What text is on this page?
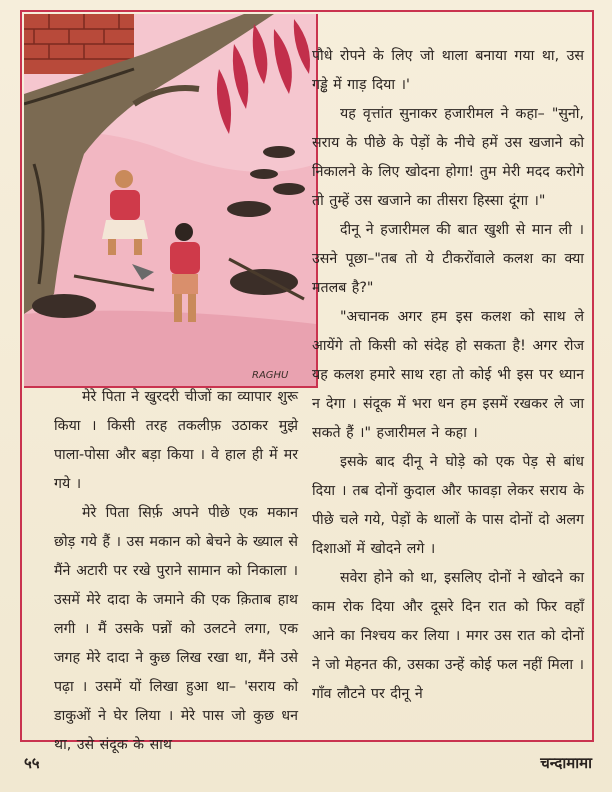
RAGHU

पौधे रोपने के लिए जो थाला बनाया गया था, उस गड्ढे में गाड़ दिया ।'

यह वृत्तांत सुनाकर हजारीमल ने कहा– "सुनो, सराय के पीछे के पेड़ों के नीचे हमें उस खजाने को निकालने के लिए खोदना होगा! तुम मेरी मदद करोगे तो तुम्हें उस खजाने का तीसरा हिस्सा दूंगा ।"

दीनू ने हजारीमल की बात खुशी से मान ली । उसने पूछा–"तब तो ये टीकरोंवाले कलश का क्या मतलब है?"

"अचानक अगर हम इस कलश को साथ ले आयेंगे तो किसी को संदेह हो सकता है! अगर रोज यह कलश हमारे साथ रहा तो कोई भी इस पर ध्यान न देगा । संदूक में भरा धन हम इसमें रखकर ले जा सकते हैं ।" हजारीमल ने कहा ।

इसके बाद दीनू ने घोड़े को एक पेड़ से बांध दिया । तब दोनों कुदाल और फावड़ा लेकर सराय के पीछे चले गये, पेड़ों के थालों के पास दोनों दो अलग दिशाओं में खोदने लगे ।

सवेरा होने को था, इसलिए दोनों ने खोदने का काम रोक दिया और दूसरे दिन रात को फिर वहाँ आने का निश्चय कर लिया । मगर उस रात को दोनों ने जो मेहनत की, उसका उन्हें कोई फल नहीं मिला । गाँव लौटने पर दीनू ने

मेरे पिता ने खुरदरी चीजों का व्यापार शुरू किया । किसी तरह तकलीफ़ उठाकर मुझे पाला-पोसा और बड़ा किया । वे हाल ही में मर गये ।

मेरे पिता सिर्फ़ अपने पीछे एक मकान छोड़ गये हैं । उस मकान को बेचने के ख्याल से मैंने अटारी पर रखे पुराने सामान को निकाला । उसमें मेरे दादा के जमाने की एक क़िताब हाथ लगी । मैं उसके पन्नों को उलटने लगा, एक जगह मेरे दादा ने कुछ लिख रखा था, मैंने उसे पढ़ा । उसमें यों लिखा हुआ था– 'सराय को डाकुओं ने घेर लिया । मेरे पास जो कुछ धन था, उसे संदूक के साथ

५५	चन्दामामा
